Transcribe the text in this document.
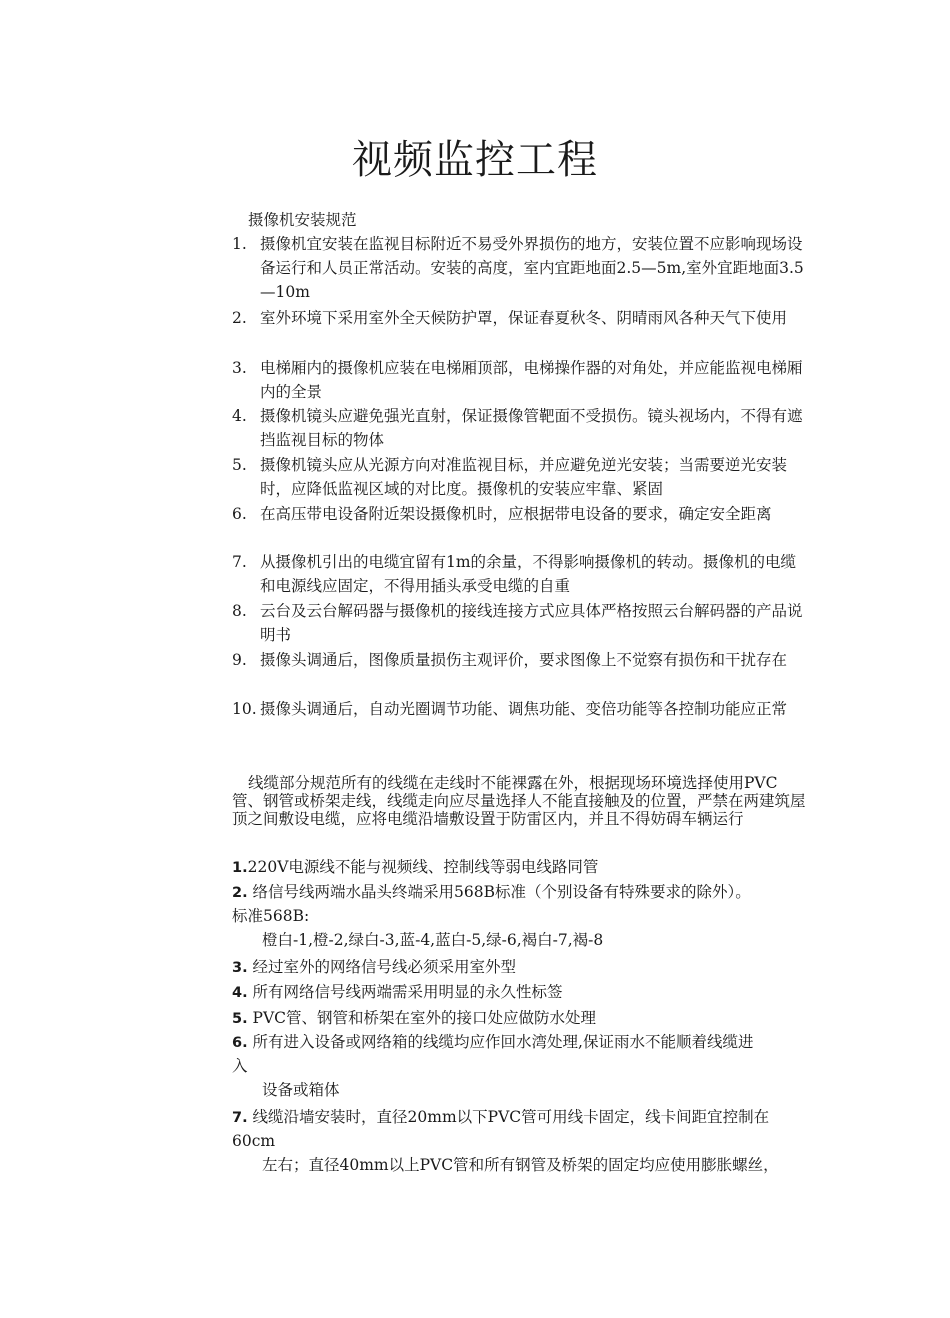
视频监控工程
摄像机安装规范
1. 摄像机宜安装在监视目标附近不易受外界损伤的地方，安装位置不应影响现场设备运行和人员正常活动。安装的高度，室内宜距地面2.5—5m,室外宜距地面3.5—10m
2. 室外环境下采用室外全天候防护罩，保证春夏秋冬、阴晴雨风各种天气下使用
3. 电梯厢内的摄像机应装在电梯厢顶部，电梯操作器的对角处，并应能监视电梯厢内的全景
4. 摄像机镜头应避免强光直射，保证摄像管靶面不受损伤。镜头视场内，不得有遮挡监视目标的物体
5. 摄像机镜头应从光源方向对准监视目标，并应避免逆光安装；当需要逆光安装时，应降低监视区域的对比度。摄像机的安装应牢靠、紧固
6. 在高压带电设备附近架设摄像机时，应根据带电设备的要求，确定安全距离
7. 从摄像机引出的电缆宜留有1m的余量，不得影响摄像机的转动。摄像机的电缆和电源线应固定，不得用插头承受电缆的自重
8. 云台及云台解码器与摄像机的接线连接方式应具体严格按照云台解码器的产品说明书
9. 摄像头调通后，图像质量损伤主观评价，要求图像上不觉察有损伤和干扰存在
10. 摄像头调通后，自动光圈调节功能、调焦功能、变倍功能等各控制功能应正常
线缆部分规范所有的线缆在走线时不能裸露在外，根据现场环境选择使用PVC管、钢管或桥架走线，线缆走向应尽量选择人不能直接触及的位置，严禁在两建筑屋顶之间敷设电缆，应将电缆沿墙敷设置于防雷区内，并且不得妨碍车辆运行
1.220V电源线不能与视频线、控制线等弱电线路同管
2. 络信号线两端水晶头终端采用568B标准（个别设备有特殊要求的除外）。
标准568B:
橙白-1,橙-2,绿白-3,蓝-4,蓝白-5,绿-6,褐白-7,褐-8
3. 经过室外的网络信号线必须采用室外型
4. 所有网络信号线两端需采用明显的永久性标签
5. PVC管、钢管和桥架在室外的接口处应做防水处理
6. 所有进入设备或网络箱的线缆均应作回水湾处理,保证雨水不能顺着线缆进
入
设备或箱体
7. 线缆沿墙安装时，直径20mm以下PVC管可用线卡固定，线卡间距宜控制在
60cm
左右；直径40mm以上PVC管和所有钢管及桥架的固定均应使用膨胀螺丝，
